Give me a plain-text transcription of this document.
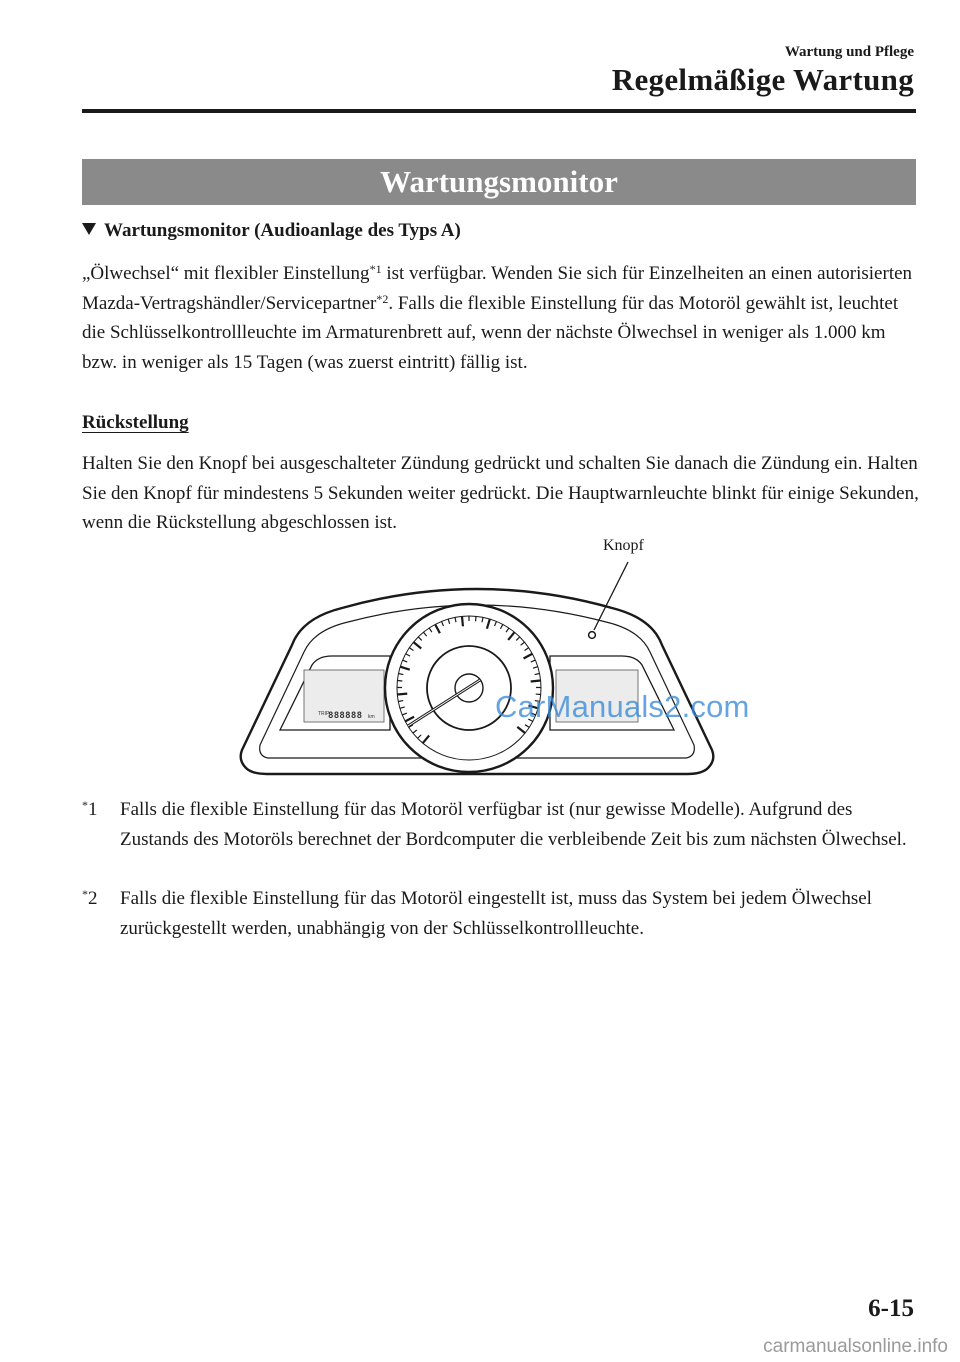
Wartung und Pflege
Regelmäßige Wartung
Wartungsmonitor
Wartungsmonitor (Audioanlage des Typs A)
„Ölwechsel“ mit flexibler Einstellung$^{*1}$ ist verfügbar. Wenden Sie sich für Einzelheiten an einen autorisierten Mazda-Vertragshändler/Servicepartner$^{*2}$. Falls die flexible Einstellung für das Motoröl gewählt ist, leuchtet die Schlüsselkontrollleuchte im Armaturenbrett auf, wenn der nächste Ölwechsel in weniger als 1.000 km bzw. in weniger als 15 Tagen (was zuerst eintritt) fällig ist.
Rückstellung
Halten Sie den Knopf bei ausgeschalteter Zündung gedrückt und schalten Sie danach die Zündung ein. Halten Sie den Knopf für mindestens 5 Sekunden weiter gedrückt. Die Hauptwarnleuchte blinkt für einige Sekunden, wenn die Rückstellung abgeschlossen ist.
Knopf
TRIP
888888 km	CarManuals2.com
*1 Falls die flexible Einstellung für das Motoröl verfügbar ist (nur gewisse Modelle). Aufgrund des Zustands des Motoröls berechnet der Bordcomputer die verbleibende Zeit bis zum nächsten Ölwechsel.
*2 Falls die flexible Einstellung für das Motoröl eingestellt ist, muss das System bei jedem Ölwechsel zurückgestellt werden, unabhängig von der Schlüsselkontrollleuchte.
6-15
carmanualsonline.info
